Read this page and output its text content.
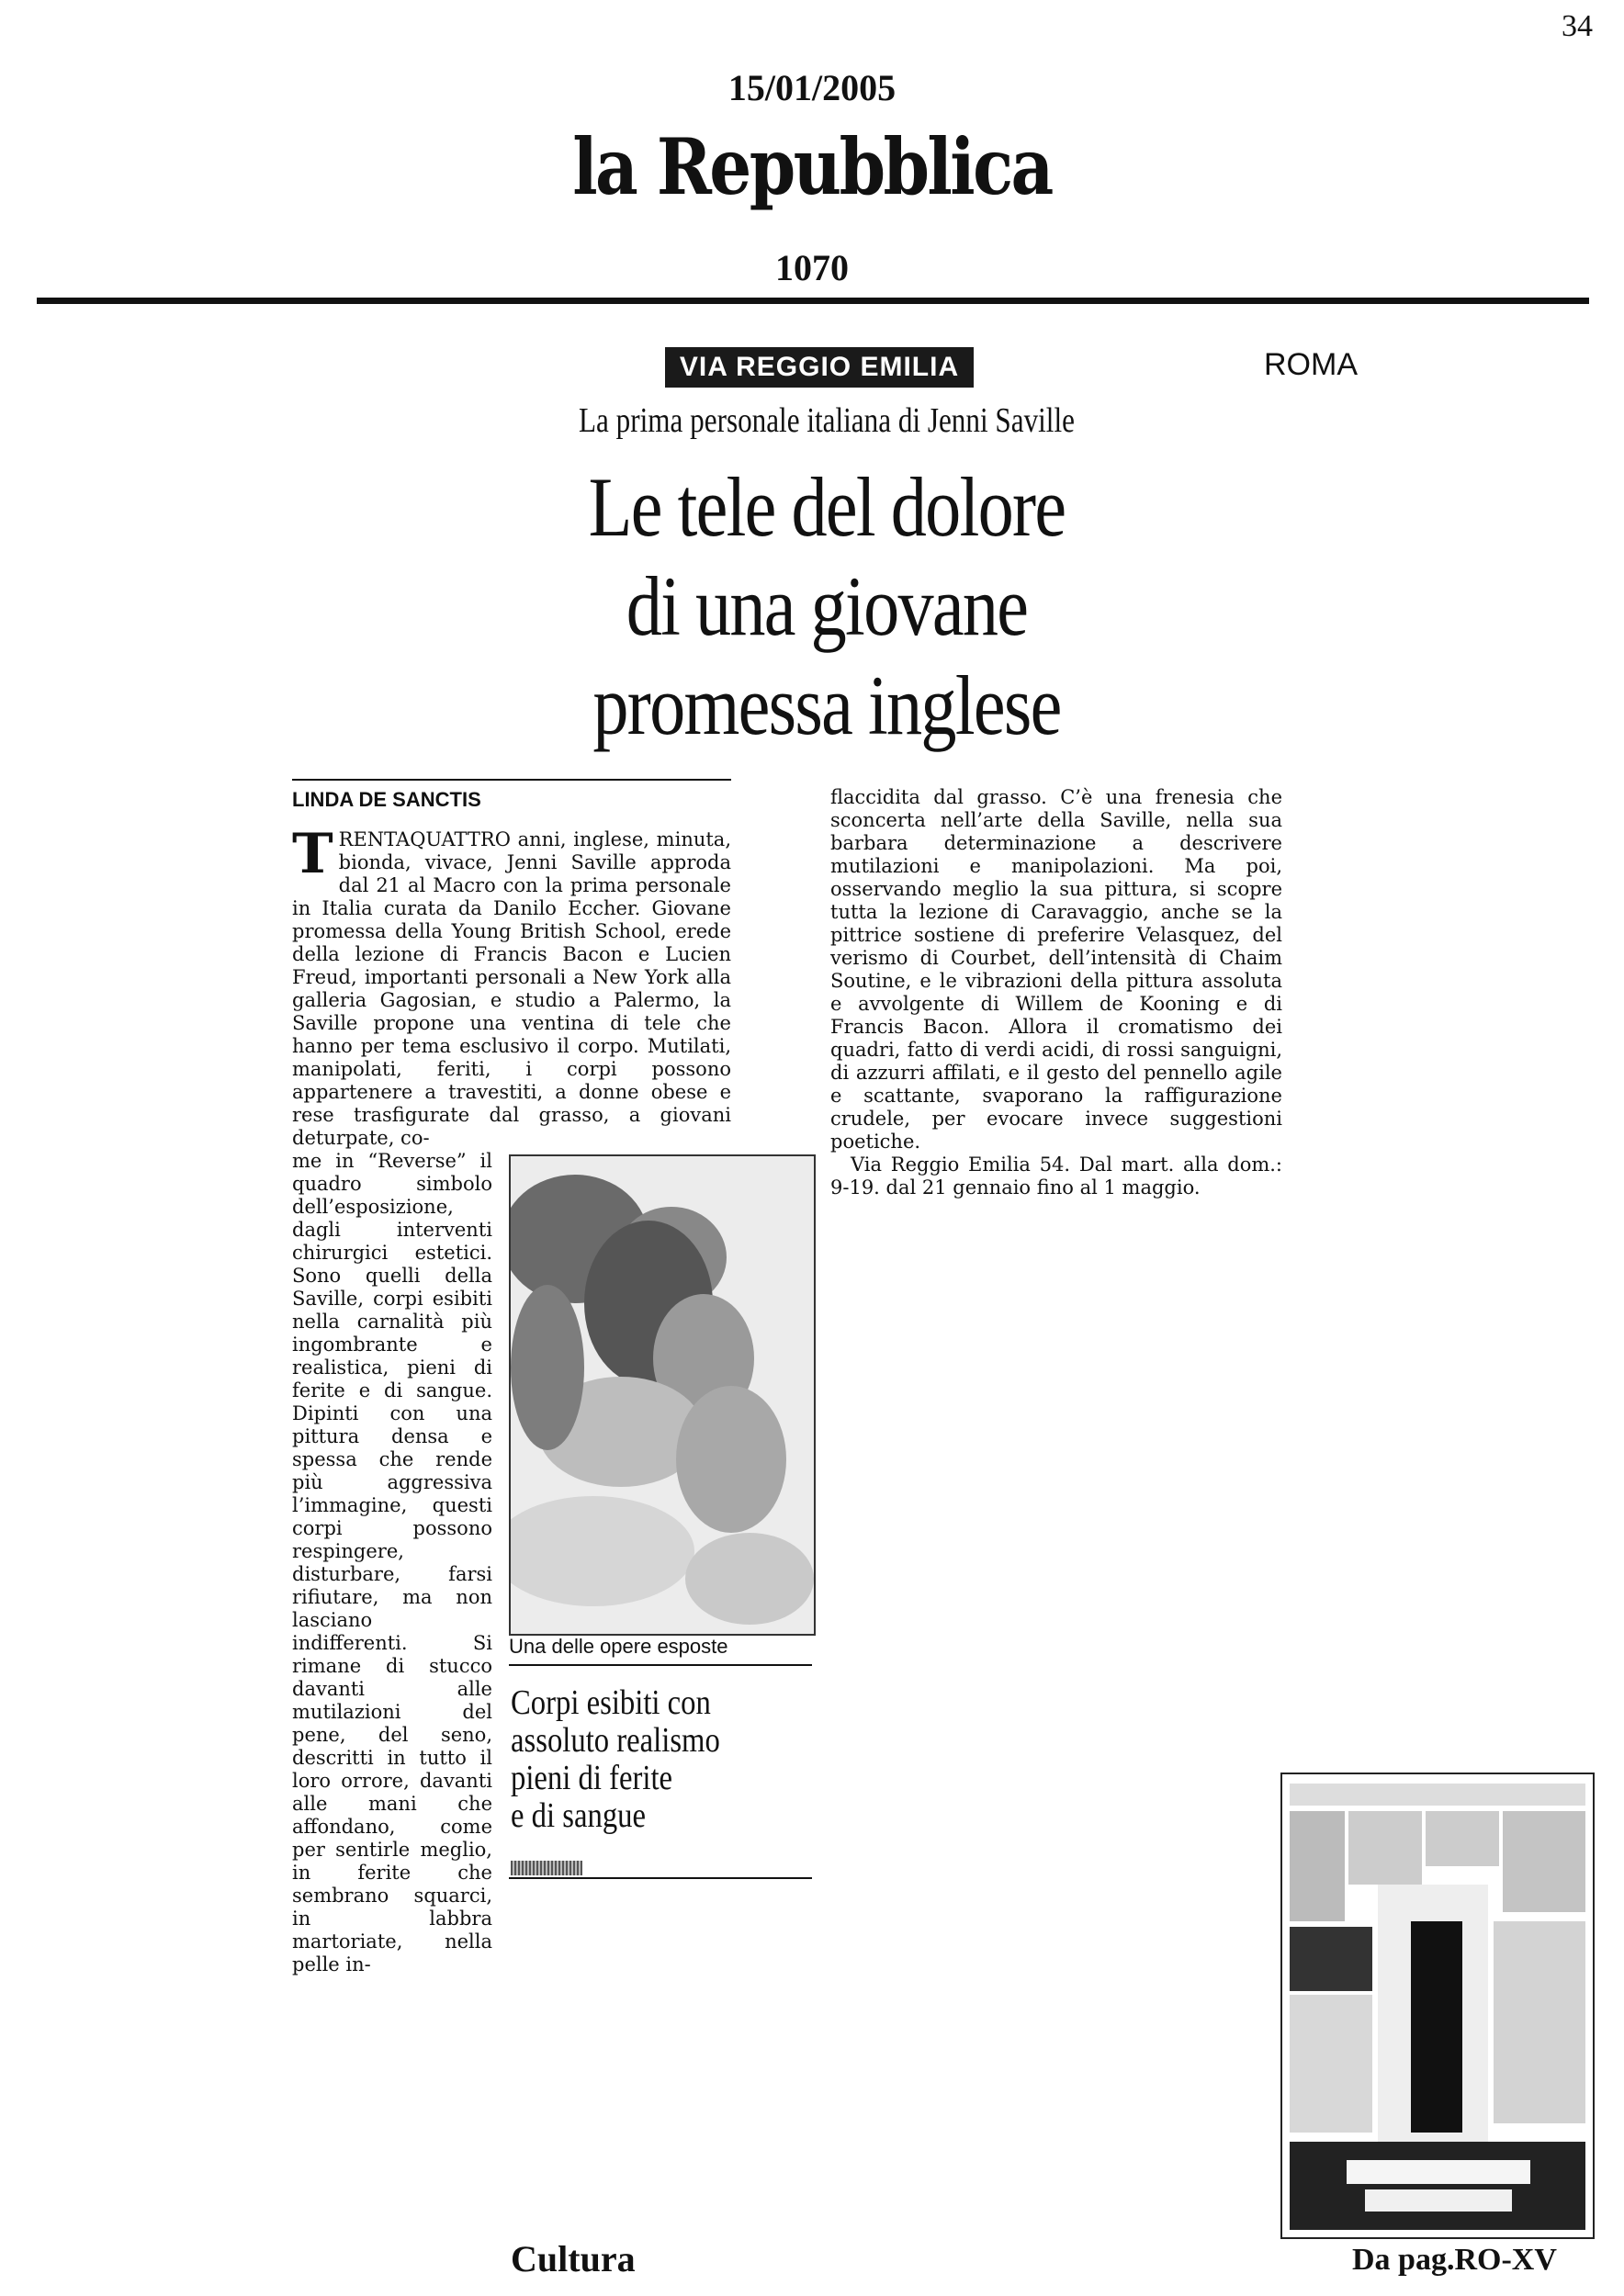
34
15/01/2005
la Repubblica
1070
VIA REGGIO EMILIA	ROMA
La prima personale italiana di Jenni Saville
Le tele del dolore
di una giovane
promessa inglese
LINDA DE SANCTIS
TRENTAQUATTRO anni, inglese, minuta, bionda, vivace, Jenni Saville approda dal 21 al Macro con la prima personale in Italia curata da Danilo Eccher. Giovane promessa della Young British School, erede della lezione di Francis Bacon e Lucien Freud, importanti personali a New York alla galleria Gagosian, e studio a Palermo, la Saville propone una ventina di tele che hanno per tema esclusivo il corpo. Mutilati, manipolati, feriti, i corpi possono appartenere a travestiti, a donne obese e rese trasfigurate dal grasso, a giovani deturpate, co-
me in “Reverse” il quadro simbolo dell’esposizione, dagli interventi chirurgici estetici. Sono quelli della Saville, corpi esibiti nella carnalità più ingombrante e realistica, pieni di ferite e di sangue. Dipinti con una pittura densa e spessa che rende più aggressiva l’immagine, questi corpi possono respingere, disturbare, farsi rifiutare, ma non lasciano indifferenti. Si rimane di stucco davanti alle mutilazioni del pene, del seno, descritti in tutto il loro orrore, davanti alle mani che affondano, come per sentirle meglio, in ferite che sembrano squarci, in labbra martoriate, nella pelle in-
Una delle opere esposte
Corpi esibiti con
assoluto realismo
pieni di ferite
e di sangue
flaccidita dal grasso. C’è una frenesia che sconcerta nell’arte della Saville, nella sua barbara determinazione a descrivere mutilazioni e manipolazioni. Ma poi, osservando meglio la sua pittura, si scopre tutta la lezione di Caravaggio, anche se la pittrice sostiene di preferire Velasquez, del verismo di Courbet, dell’intensità di Chaim Soutine, e le vibrazioni della pittura assoluta e avvolgente di Willem de Kooning e di Francis Bacon. Allora il cromatismo dei quadri, fatto di verdi acidi, di rossi sanguigni, di azzurri affilati, e il gesto del pennello agile e scattante, svaporano la raffigurazione crudele, per evocare invece suggestioni poetiche.
Via Reggio Emilia 54. Dal mart. alla dom.: 9-19. dal 21 gennaio fino al 1 maggio.
Cultura	Da pag.RO-XV
